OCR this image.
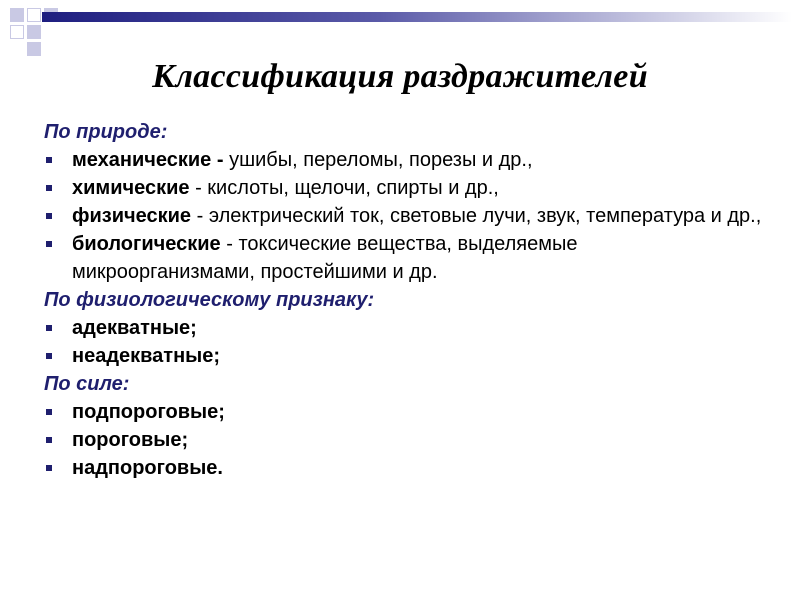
Классификация раздражителей
По природе:
механические - ушибы, переломы, порезы и др.,
химические - кислоты, щелочи, спирты и др.,
физические - электрический ток, световые лучи, звук, температура и др.,
биологические - токсические вещества, выделяемые микроорганизмами, простейшими и др.
По физиологическому признаку:
адекватные;
неадекватные;
По силе:
подпороговые;
пороговые;
надпороговые.
